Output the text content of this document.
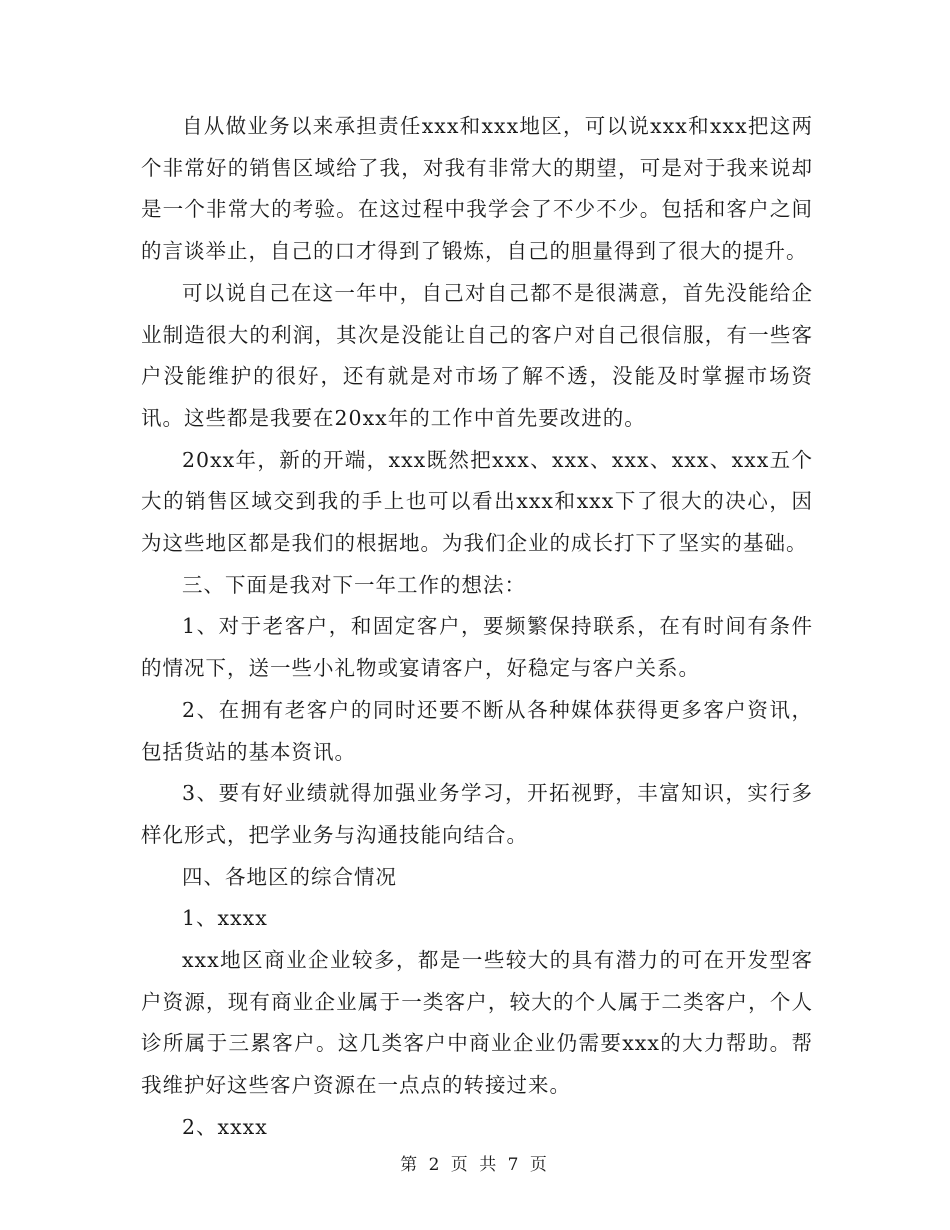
自从做业务以来承担责任xxx和xxx地区，可以说xxx和xxx把这两个非常好的销售区域给了我，对我有非常大的期望，可是对于我来说却是一个非常大的考验。在这过程中我学会了不少不少。包括和客户之间的言谈举止，自己的口才得到了锻炼，自己的胆量得到了很大的提升。

可以说自己在这一年中，自己对自己都不是很满意，首先没能给企业制造很大的利润，其次是没能让自己的客户对自己很信服，有一些客户没能维护的很好，还有就是对市场了解不透，没能及时掌握市场资讯。这些都是我要在20xx年的工作中首先要改进的。

20xx年，新的开端，xxx既然把xxx、xxx、xxx、xxx、xxx五个大的销售区域交到我的手上也可以看出xxx和xxx下了很大的决心，因为这些地区都是我们的根据地。为我们企业的成长打下了坚实的基础。

三、下面是我对下一年工作的想法：

1、对于老客户，和固定客户，要频繁保持联系，在有时间有条件的情况下，送一些小礼物或宴请客户，好稳定与客户关系。

2、在拥有老客户的同时还要不断从各种媒体获得更多客户资讯，包括货站的基本资讯。

3、要有好业绩就得加强业务学习，开拓视野，丰富知识，实行多样化形式，把学业务与沟通技能向结合。

四、各地区的综合情况

1、xxxx

xxx地区商业企业较多，都是一些较大的具有潜力的可在开发型客户资源，现有商业企业属于一类客户，较大的个人属于二类客户，个人诊所属于三累客户。这几类客户中商业企业仍需要xxx的大力帮助。帮我维护好这些客户资源在一点点的转接过来。

2、xxxx

第 2 页 共 7 页
